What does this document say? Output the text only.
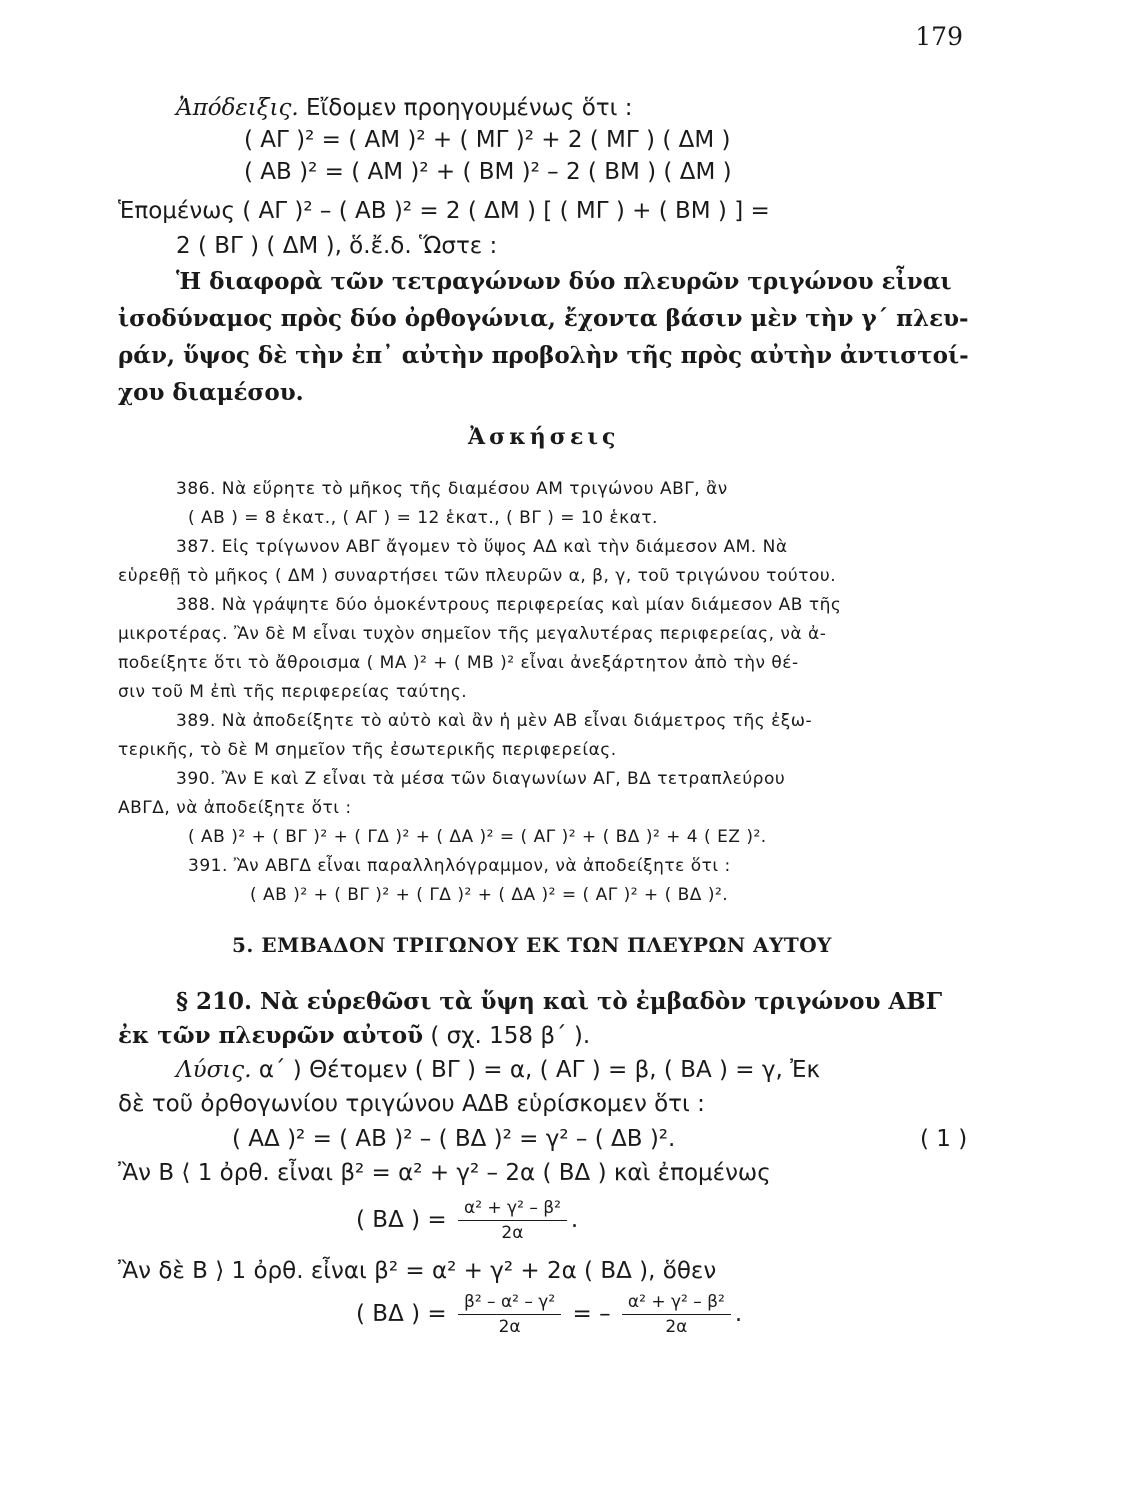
179
Ἀπόδειξις. Εἴδομεν προηγουμένως ὅτι :
( ΑΓ )² = ( ΑΜ )² + ( ΜΓ )² + 2 ( ΜΓ ) ( ΔΜ )
( ΑΒ )² = ( ΑΜ )² + ( ΒΜ )² – 2 ( ΒΜ ) ( ΔΜ )
Ἑπομένως ( ΑΓ )² – ( ΑΒ )² = 2 ( ΔΜ ) [ ( ΜΓ ) + ( ΒΜ ) ] =
2 ( ΒΓ ) ( ΔΜ ), ὅ.ἔ.δ. Ὥστε :
Ἡ διαφορὰ τῶν τετραγώνων δύο πλευρῶν τριγώνου εἶναι
ἰσοδύναμος πρὸς δύο ὀρθογώνια, ἔχοντα βάσιν μὲν τὴν γ΄ πλευ-
ράν, ὕψος δὲ τὴν ἐπ᾽ αὐτὴν προβολὴν τῆς πρὸς αὐτὴν ἀντιστοί-
χου διαμέσου.
Ἀσκήσεις
386. Νὰ εὕρητε τὸ μῆκος τῆς διαμέσου ΑΜ τριγώνου ΑΒΓ, ἂν
( ΑΒ ) = 8 ἑκατ., ( ΑΓ ) = 12 ἑκατ., ( ΒΓ ) = 10 ἑκατ.
387. Εἰς τρίγωνον ΑΒΓ ἄγομεν τὸ ὕψος ΑΔ καὶ τὴν διάμεσον ΑΜ. Νὰ
εὑρεθῇ τὸ μῆκος ( ΔΜ ) συναρτήσει τῶν πλευρῶν α, β, γ, τοῦ τριγώνου τούτου.
388. Νὰ γράψητε δύο ὁμοκέντρους περιφερείας καὶ μίαν διάμεσον ΑΒ τῆς
μικροτέρας. Ἂν δὲ Μ εἶναι τυχὸν σημεῖον τῆς μεγαλυτέρας περιφερείας, νὰ ἀ-
ποδείξητε ὅτι τὸ ἄθροισμα ( ΜΑ )² + ( ΜΒ )² εἶναι ἀνεξάρτητον ἀπὸ τὴν θέ-
σιν τοῦ Μ ἐπὶ τῆς περιφερείας ταύτης.
389. Νὰ ἀποδείξητε τὸ αὐτὸ καὶ ἂν ἡ μὲν ΑΒ εἶναι διάμετρος τῆς ἐξω-
τερικῆς, τὸ δὲ Μ σημεῖον τῆς ἐσωτερικῆς περιφερείας.
390. Ἂν Ε καὶ Ζ εἶναι τὰ μέσα τῶν διαγωνίων ΑΓ, ΒΔ τετραπλεύρου
ΑΒΓΔ, νὰ ἀποδείξητε ὅτι :
( ΑΒ )² + ( ΒΓ )² + ( ΓΔ )² + ( ΔΑ )² = ( ΑΓ )² + ( ΒΔ )² + 4 ( ΕΖ )².
391. Ἂν ΑΒΓΔ εἶναι παραλληλόγραμμον, νὰ ἀποδείξητε ὅτι :
( ΑΒ )² + ( ΒΓ )² + ( ΓΔ )² + ( ΔΑ )² = ( ΑΓ )² + ( ΒΔ )².
5. ΕΜΒΑΔΟΝ ΤΡΙΓΩΝΟΥ ΕΚ ΤΩΝ ΠΛΕΥΡΩΝ ΑΥΤΟΥ
§ 210. Νὰ εὑρεθῶσι τὰ ὕψη καὶ τὸ ἐμβαδὸν τριγώνου ΑΒΓ
ἐκ τῶν πλευρῶν αὐτοῦ ( σχ. 158 β΄ ).
Λύσις. α΄ ) Θέτομεν ( ΒΓ ) = α, ( ΑΓ ) = β, ( ΒΑ ) = γ, Ἐκ
δὲ τοῦ ὀρθογωνίου τριγώνου ΑΔΒ εὑρίσκομεν ὅτι :
( ΑΔ )² = ( ΑΒ )² – ( ΒΔ )² = γ² – ( ΔΒ )².	( 1 )
Ἂν Β ⟨ 1 ὀρθ. εἶναι β² = α² + γ² – 2α ( ΒΔ ) καὶ ἐπομένως
( ΒΔ ) = $\frac{\text{α² + γ² – β²}}{2\alpha}$ .
Ἂν δὲ Β ⟩ 1 ὀρθ. εἶναι β² = α² + γ² + 2α ( ΒΔ ), ὅθεν
( ΒΔ ) = $\frac{\text{β² – α² – γ²}}{2\alpha}$ = – $\frac{\text{α² + γ² – β²}}{2\alpha}$ .
